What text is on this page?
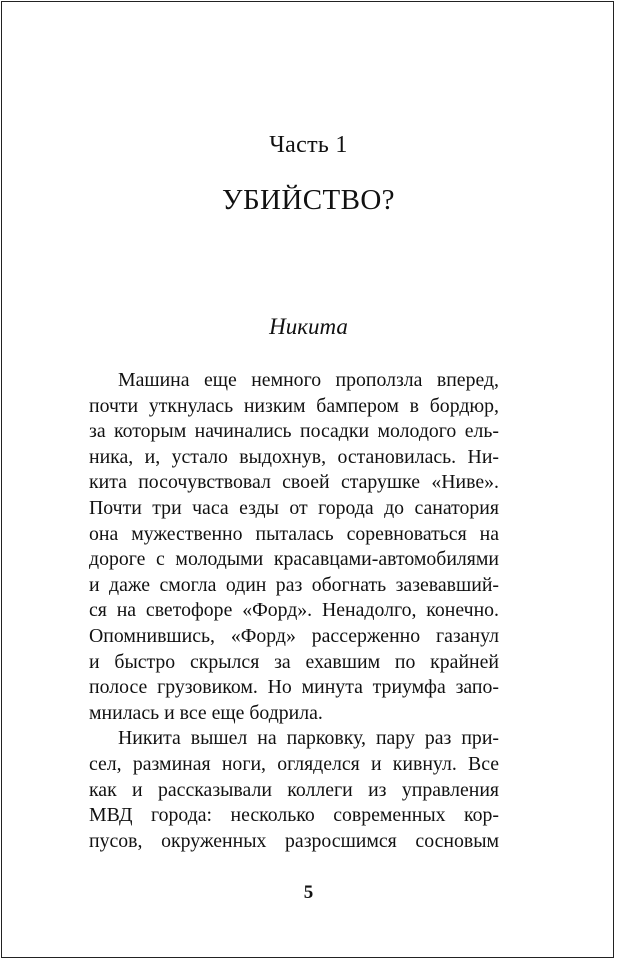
Часть 1
УБИЙСТВО?
Никита
Машина еще немного проползла вперед,
почти уткнулась низким бампером в бордюр,
за которым начинались посадки молодого ель-
ника, и, устало выдохнув, остановилась. Ни-
кита посочувствовал своей старушке «Ниве».
Почти три часа езды от города до санатория
она мужественно пыталась соревноваться на
дороге с молодыми красавцами-автомобилями
и даже смогла один раз обогнать зазевавший-
ся на светофоре «Форд». Ненадолго, конечно.
Опомнившись, «Форд» рассерженно газанул
и быстро скрылся за ехавшим по крайней
полосе грузовиком. Но минута триумфа запо-
мнилась и все еще бодрила.
Никита вышел на парковку, пару раз при-
сел, разминая ноги, огляделся и кивнул. Все
как и рассказывали коллеги из управления
МВД города: несколько современных кор-
пусов, окруженных разросшимся сосновым
5
